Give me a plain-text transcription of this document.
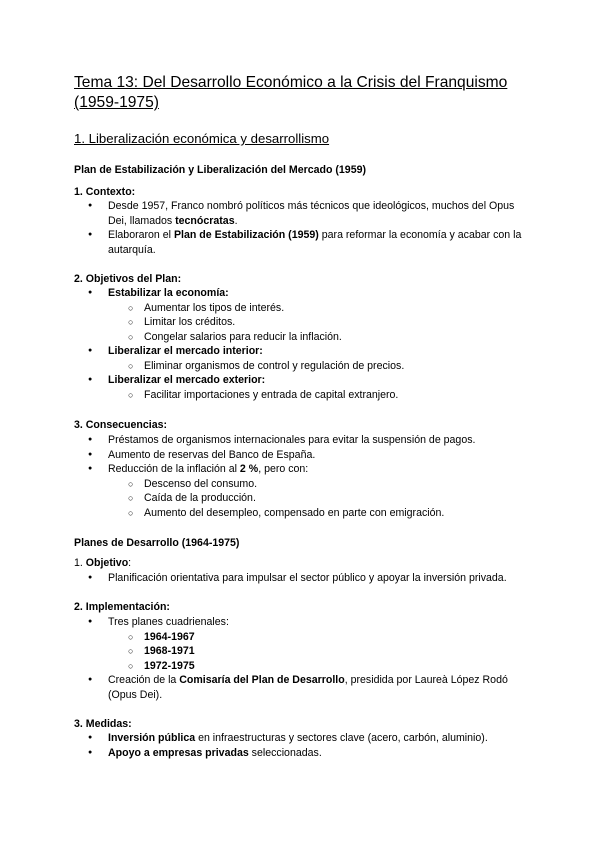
Tema 13: Del Desarrollo Económico a la Crisis del Franquismo (1959-1975)
1. Liberalización económica y desarrollismo
Plan de Estabilización y Liberalización del Mercado (1959)
1. Contexto:
● Desde 1957, Franco nombró políticos más técnicos que ideológicos, muchos del Opus Dei, llamados tecnócratas.
● Elaboraron el Plan de Estabilización (1959) para reformar la economía y acabar con la autarquía.
2. Objetivos del Plan:
● Estabilizar la economía:
○ Aumentar los tipos de interés.
○ Limitar los créditos.
○ Congelar salarios para reducir la inflación.
● Liberalizar el mercado interior:
○ Eliminar organismos de control y regulación de precios.
● Liberalizar el mercado exterior:
○ Facilitar importaciones y entrada de capital extranjero.
3. Consecuencias:
● Préstamos de organismos internacionales para evitar la suspensión de pagos.
● Aumento de reservas del Banco de España.
● Reducción de la inflación al 2 %, pero con:
○ Descenso del consumo.
○ Caída de la producción.
○ Aumento del desempleo, compensado en parte con emigración.
Planes de Desarrollo (1964-1975)
1. Objetivo:
● Planificación orientativa para impulsar el sector público y apoyar la inversión privada.
2. Implementación:
● Tres planes cuadrienales:
○ 1964-1967
○ 1968-1971
○ 1972-1975
● Creación de la Comisaría del Plan de Desarrollo, presidida por Laureà López Rodó (Opus Dei).
3. Medidas:
● Inversión pública en infraestructuras y sectores clave (acero, carbón, aluminio).
● Apoyo a empresas privadas seleccionadas.
